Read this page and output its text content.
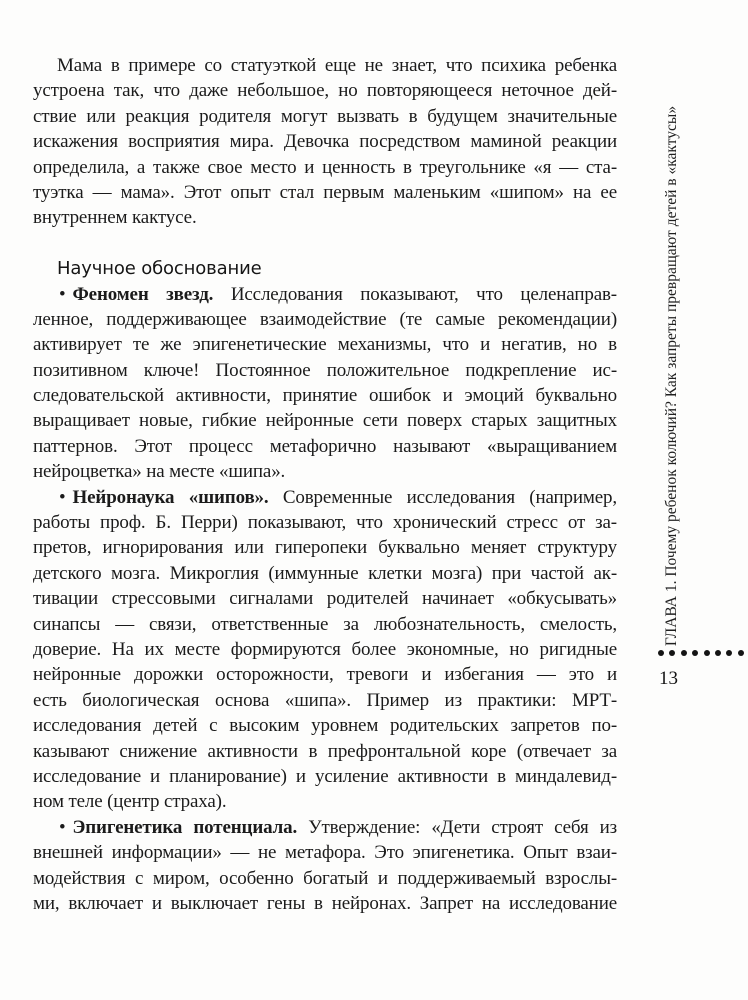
Мама в примере со статуэткой еще не знает, что психика ребенка
устроена так, что даже небольшое, но повторяющееся неточное дей-
ствие или реакция родителя могут вызвать в будущем значительные
искажения восприятия мира. Девочка посредством маминой реакции
определила, а также свое место и ценность в треугольнике «я — ста-
туэтка — мама». Этот опыт стал первым маленьким «шипом» на ее
внутреннем кактусе.
Научное обоснование
• Феномен звезд. Исследования показывают, что целенаправ-
ленное, поддерживающее взаимодействие (те самые рекомендации)
активирует те же эпигенетические механизмы, что и негатив, но в
позитивном ключе! Постоянное положительное подкрепление ис-
следовательской активности, принятие ошибок и эмоций буквально
выращивает новые, гибкие нейронные сети поверх старых защитных
паттернов. Этот процесс метафорично называют «выращиванием
нейроцветка» на месте «шипа».
• Нейронаука «шипов». Современные исследования (например,
работы проф. Б. Перри) показывают, что хронический стресс от за-
претов, игнорирования или гиперопеки буквально меняет структуру
детского мозга. Микроглия (иммунные клетки мозга) при частой ак-
тивации стрессовыми сигналами родителей начинает «обкусывать»
синапсы — связи, ответственные за любознательность, смелость,
доверие. На их месте формируются более экономные, но ригидные
нейронные дорожки осторожности, тревоги и избегания — это и
есть биологическая основа «шипа». Пример из практики: МРТ-
исследования детей с высоким уровнем родительских запретов по-
казывают снижение активности в префронтальной коре (отвечает за
исследование и планирование) и усиление активности в миндалевид-
ном теле (центр страха).
• Эпигенетика потенциала. Утверждение: «Дети строят себя из
внешней информации» — не метафора. Это эпигенетика. Опыт взаи-
модействия с миром, особенно богатый и поддерживаемый взрослы-
ми, включает и выключает гены в нейронах. Запрет на исследование
ГЛАВА 1. Почему ребенок колючий? Как запреты превращают детей в «кактусы»
13
